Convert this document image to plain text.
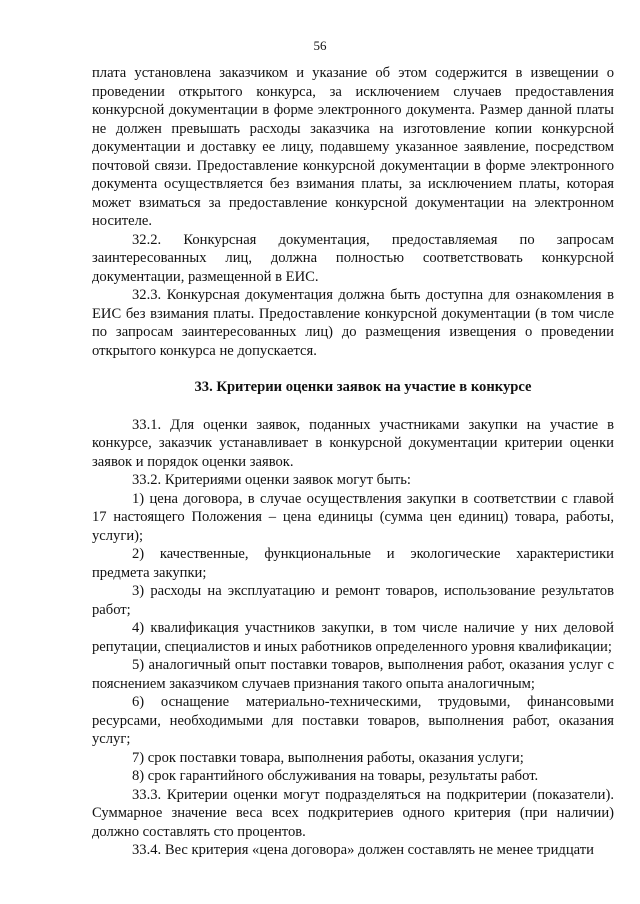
56

плата установлена заказчиком и указание об этом содержится в извещении о проведении открытого конкурса, за исключением случаев предоставления конкурсной документации в форме электронного документа. Размер данной платы не должен превышать расходы заказчика на изготовление копии конкурсной документации и доставку ее лицу, подавшему указанное заявление, посредством почтовой связи. Предоставление конкурсной документации в форме электронного документа осуществляется без взимания платы, за исключением платы, которая может взиматься за предоставление конкурсной документации на электронном носителе.

32.2. Конкурсная документация, предоставляемая по запросам заинтересованных лиц, должна полностью соответствовать конкурсной документации, размещенной в ЕИС.

32.3. Конкурсная документация должна быть доступна для ознакомления в ЕИС без взимания платы. Предоставление конкурсной документации (в том числе по запросам заинтересованных лиц) до размещения извещения о проведении открытого конкурса не допускается.

33. Критерии оценки заявок на участие в конкурсе

33.1. Для оценки заявок, поданных участниками закупки на участие в конкурсе, заказчик устанавливает в конкурсной документации критерии оценки заявок и порядок оценки заявок.

33.2. Критериями оценки заявок могут быть:

1) цена договора, в случае осуществления закупки в соответствии с главой 17 настоящего Положения – цена единицы (сумма цен единиц) товара, работы, услуги);

2) качественные, функциональные и экологические характеристики предмета закупки;

3) расходы на эксплуатацию и ремонт товаров, использование результатов работ;

4) квалификация участников закупки, в том числе наличие у них деловой репутации, специалистов и иных работников определенного уровня квалификации;

5) аналогичный опыт поставки товаров, выполнения работ, оказания услуг с пояснением заказчиком случаев признания такого опыта аналогичным;

6) оснащение материально-техническими, трудовыми, финансовыми ресурсами, необходимыми для поставки товаров, выполнения работ, оказания услуг;

7) срок поставки товара, выполнения работы, оказания услуги;

8) срок гарантийного обслуживания на товары, результаты работ.

33.3. Критерии оценки могут подразделяться на подкритерии (показатели). Суммарное значение веса всех подкритериев одного критерия (при наличии) должно составлять сто процентов.

33.4. Вес критерия «цена договора» должен составлять не менее тридцати
